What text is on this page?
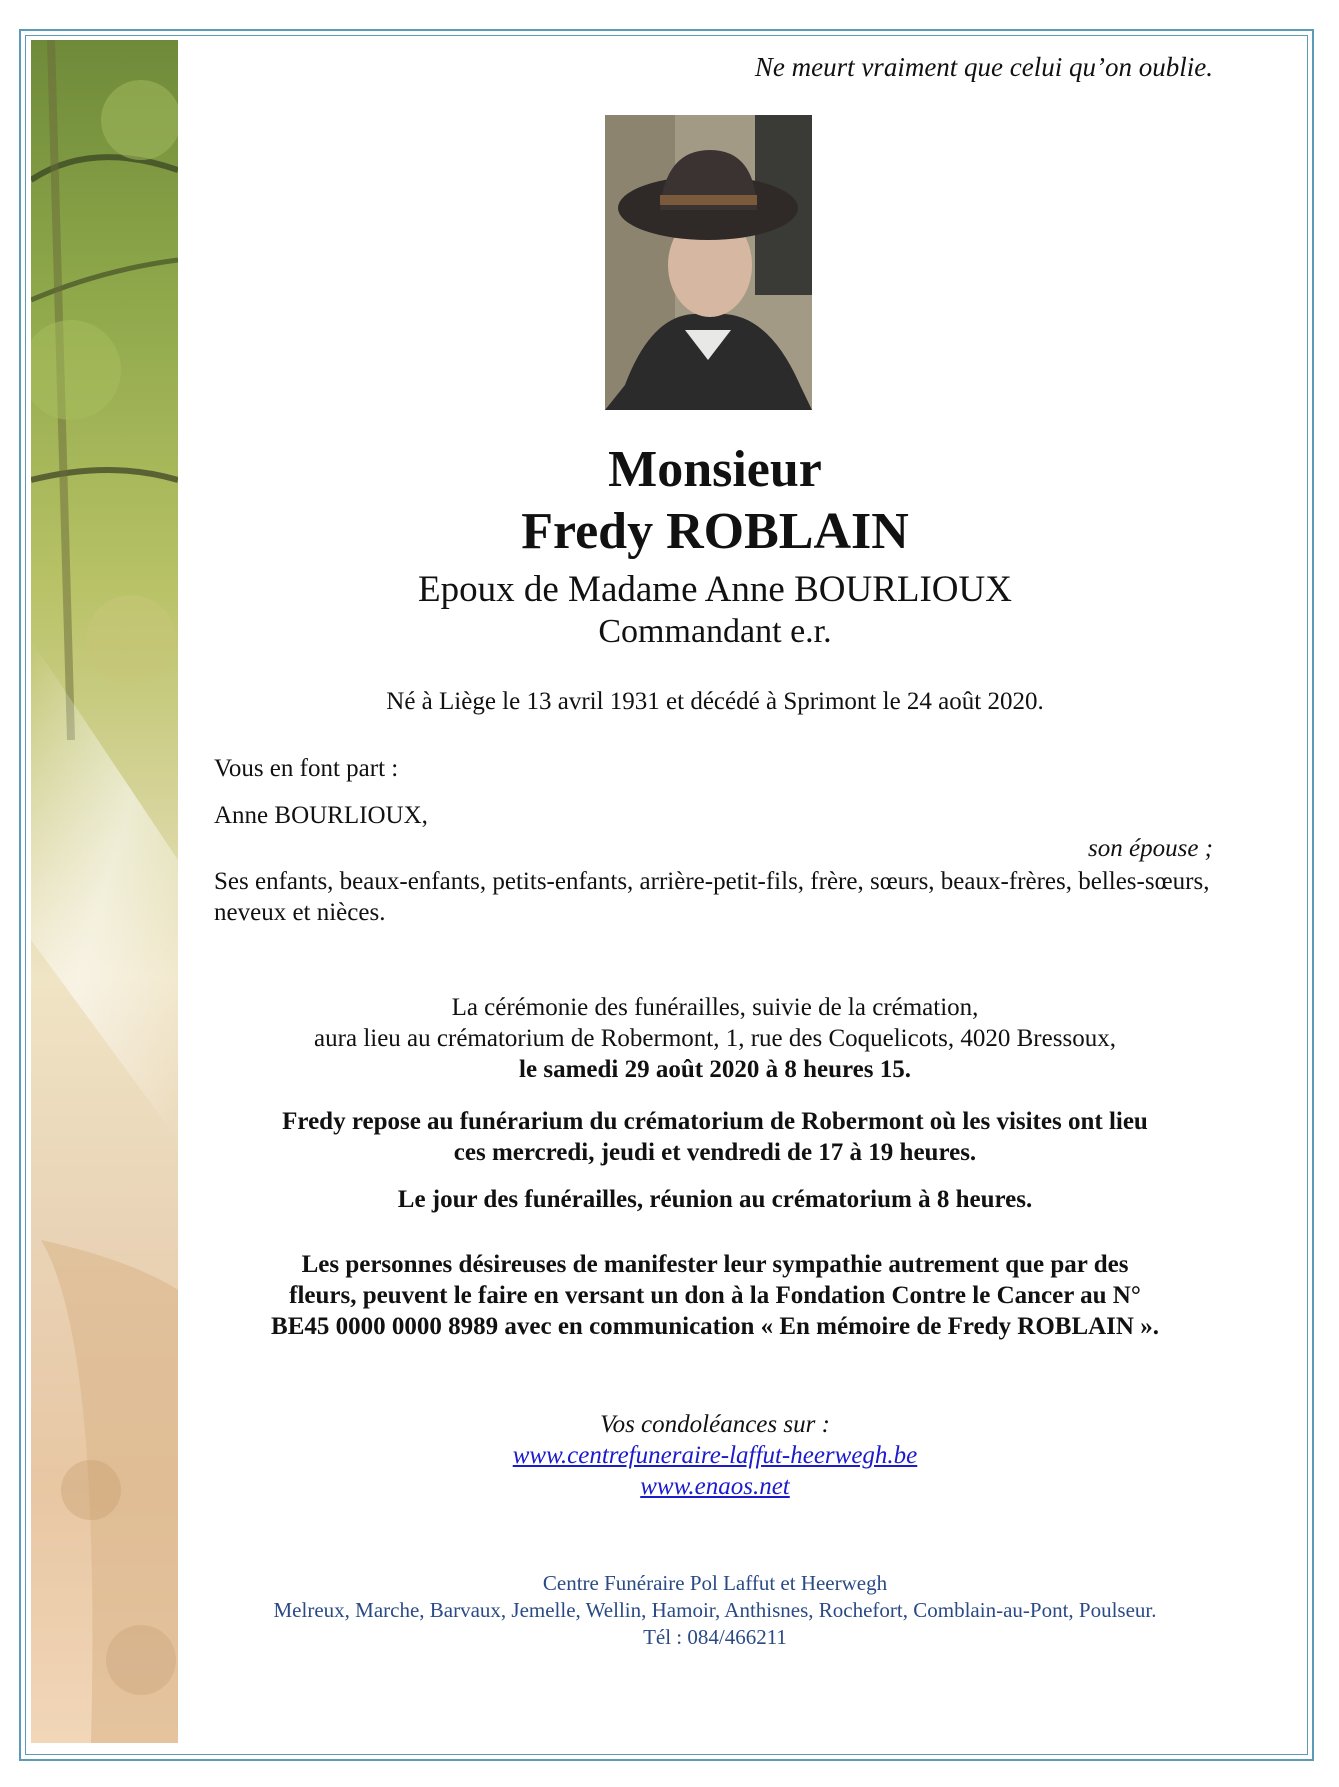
Ne meurt vraiment que celui qu’on oublie.
Monsieur
Fredy ROBLAIN
Epoux de Madame Anne BOURLIOUX
Commandant e.r.
Né à Liège le 13 avril 1931 et décédé à Sprimont le 24 août 2020.
Vous en font part :
Anne BOURLIOUX,
son épouse ;
Ses enfants, beaux-enfants, petits-enfants, arrière-petit-fils, frère, sœurs, beaux-frères, belles-sœurs, neveux et nièces.
La cérémonie des funérailles, suivie de la crémation,
aura lieu au crématorium de Robermont, 1, rue des Coquelicots, 4020 Bressoux,
le samedi 29 août 2020 à 8 heures 15.
Fredy repose au funérarium du crématorium de Robermont où les visites ont lieu
ces mercredi, jeudi et vendredi de 17 à 19 heures.
Le jour des funérailles, réunion au crématorium à 8 heures.
Les personnes désireuses de manifester leur sympathie autrement que par des
fleurs, peuvent le faire en versant un don à la Fondation Contre le Cancer au N°
BE45 0000 0000 8989 avec en communication « En mémoire de Fredy ROBLAIN ».
Vos condoléances sur :
www.centrefuneraire-laffut-heerwegh.be
www.enaos.net
Centre Funéraire Pol Laffut et Heerwegh
Melreux, Marche, Barvaux, Jemelle, Wellin, Hamoir, Anthisnes, Rochefort, Comblain-au-Pont, Poulseur.
Tél : 084/466211
